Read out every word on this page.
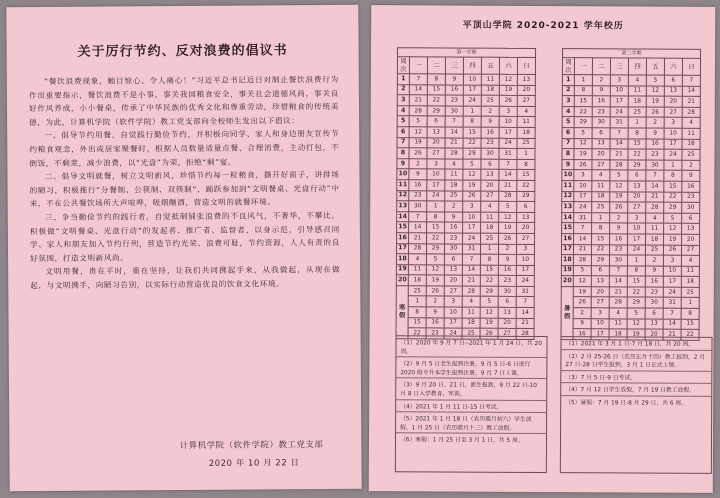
关于厉行节约、反对浪费的倡议书

“餐饮浪费现象，触目惊心、令人痛心！”习近平总书记近日对制止餐饮浪费行为作出重要指示，餐饮浪费不是小事，事关我国粮食安全，事关社会道德风尚，事关良好作风养成，小小餐桌，传承了中华民族的优秀文化和尊重劳动，珍惜粮食的传统美德，为此，计算机学院（软件学院）教工党支部向全校师生发出以下倡议：

一、倡导节约用餐，自觉践行勤俭节约，并积极向同学、家人和身边朋友宣传节约粮食观念，外出或居家聚餐时，根据人员数量适量点餐、合理消费，主动打包，不倒饭，不剩菜，减少浪费，以“光盘”为荣，拒绝“剩”宴。

二、倡导文明就餐，树立文明新风，珍惜节约每一粒粮食，撕开好面子，讲排场的陋习，积极推行“分餐制、公筷制、双筷制”，踊跃参加到“文明餐桌、光盘行动”中来，不在公共餐饮场所大声喧哗，吸烟酗酒，营造文明的就餐环境。

三、争当勤俭节约的践行者，自觉抵制铺张浪费的不良风气，不奢华，不攀比，积极做“文明餐桌、光盘行动”的发起者、推广者、监督者，以身示范，引导感召同学、家人和朋友加入节约行列，营造节约光荣、浪费可耻，节约资源，人人有责的良好氛围，打造文明新风尚。

文明用餐，贵在平时，重在坚持，让我们共同携起手来，从我做起，从现在做起，与文明携手，向陋习告别，以实际行动营造优良的饮食文化环境。

计算机学院（软件学院）教工党支部
2020 年 10 月 22 日
平顶山学院 2020-2021 学年校历
第一学期							
周次	一	二	三	四	五	六	日
1	7	8	9	10	11	12	13
2	14	15	16	17	18	19	20
3	21	22	23	24	25	26	27
4	28	29	30	1	2	3	4
5	5	6	7	8	9	10	11
6	12	13	14	15	16	17	18
7	19	20	21	22	23	24	25
8	26	27	28	29	30	31	1
9	2	3	4	5	6	7	8
10	9	10	11	12	13	14	15
11	16	17	18	19	20	21	22
12	23	24	25	26	27	28	29
13	30	1	2	3	4	5	6
14	7	8	9	10	11	12	13
15	14	15	16	17	18	19	20
16	21	22	23	24	25	26	27
17	28	29	30	31	1	2	3
18	4	5	6	7	8	9	10
19	11	12	13	14	15	16	17
20	18	19	20	21	22	23	24
寒假	25	26	27	28	29	30	31
	1	2	3	4	5	6	7
	8	9	10	11	12	13	14
	15	16	17	18	19	20	21
	22	23	24	25	26	27	28
第二学期							
周次	一	二	三	四	五	六	日
1	1	2	3	4	5	6	7
2	8	9	10	11	12	13	14
3	15	16	17	18	19	20	21
4	22	23	24	25	26	27	28
5	29	30	31	1	2	3	4
6	5	6	7	8	9	10	11
7	12	13	14	15	16	17	18
8	19	20	21	22	23	24	25
9	26	27	28	29	30	1	2
10	3	4	5	6	7	8	9
11	10	11	12	13	14	15	16
12	17	18	19	20	21	22	23
13	24	25	26	27	28	29	30
14	31	1	2	3	4	5	6
15	7	8	9	10	11	12	13
16	14	15	16	17	18	19	20
17	21	22	23	24	25	26	27
18	28	29	30	1	2	3	4
19	5	6	7	8	9	10	11
20	12	13	14	15	16	17	18
暑假	19	20	21	22	23	24	25
	26	27	28	29	30	31	1
	2	3	4	5	6	7	8
	9	10	11	12	13	14	15
	16	17	18	19	20	21	22

（1）2020 年 9 月 7 日--2021 年 1 月 24 日，共 20 周。

（2）9 月 5 日老生报到注册，9 月 5 日-6 日进行 2020 级专升本学生报到注册，9 月 7 日上课。

（3）9 月 20 日、21 日，新生报到，9 月 22 日-10 月 8 日入学教育、军训。

（4）2021 年 1 月 11 日-15 日考试。

（5）2021 年 1 月 18 日（农历腊月初六）学生放假，1 月 25 日（农历腊月十三）教工放假。

（6）寒假：1 月 25 日至 3 月 1 日，共 5 周。

（1）2021 年 3 月 1 日-7 月 18 日，共 20 周。

（2）2 月 25-26 日（农历正月十四）教工报到，2 月 27 日-28 日学生报到，3 月 1 日正式上课。

（3）7 月 5 日-9 日考试。

（4）7 月 12 日学生放假，7 月 19 日教工放假。

（5）暑假：7 月 19 日-8 月 29 日，共 6 周。
